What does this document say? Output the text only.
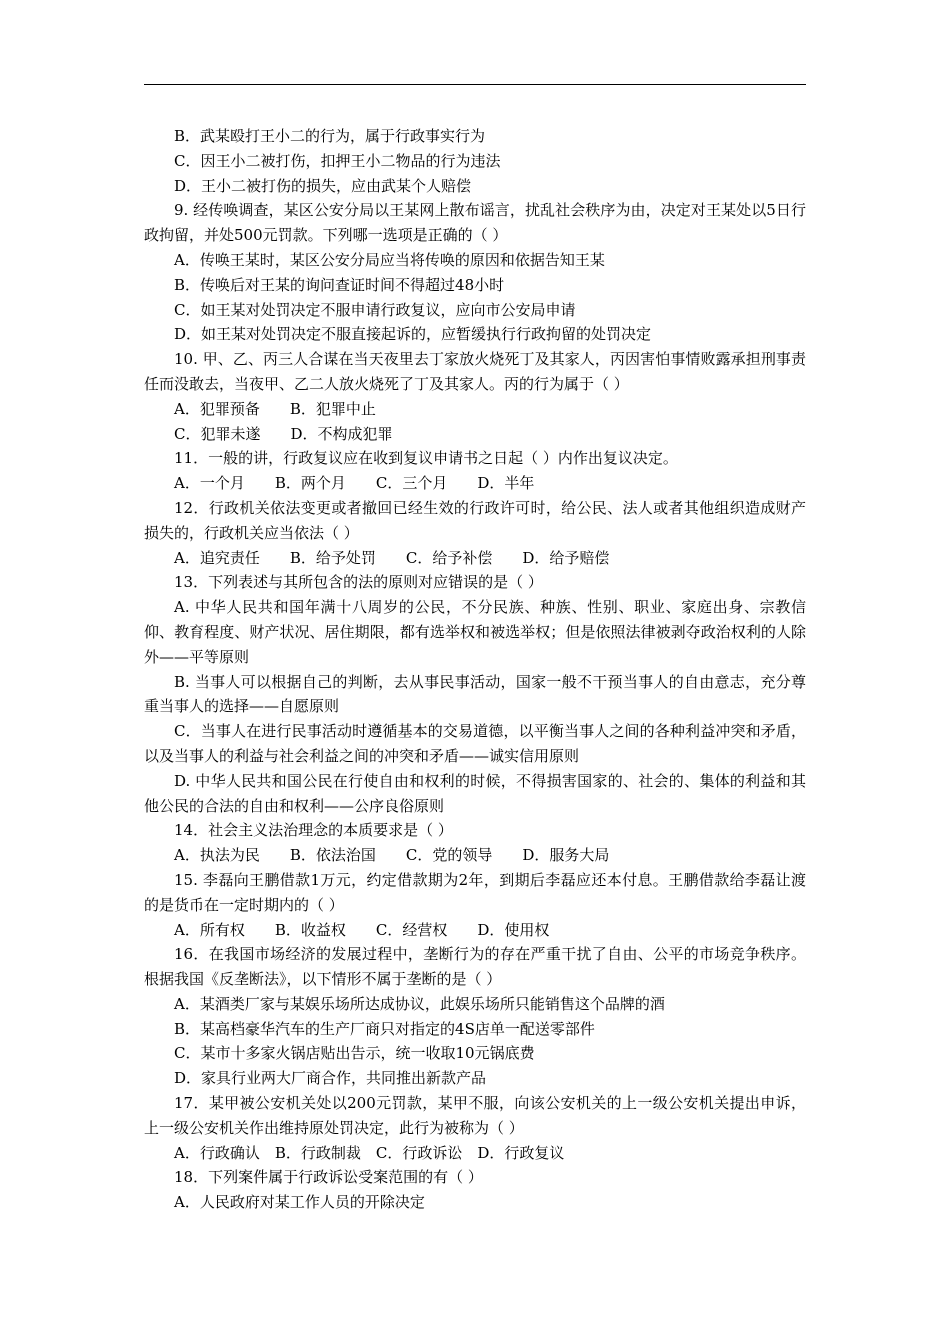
B．武某殴打王小二的行为，属于行政事实行为

C．因王小二被打伤，扣押王小二物品的行为违法

D．王小二被打伤的损失，应由武某个人赔偿

9. 经传唤调查，某区公安分局以王某网上散布谣言，扰乱社会秩序为由，决定对王某处以5日行政拘留，并处500元罚款。下列哪一选项是正确的（ ）

A．传唤王某时，某区公安分局应当将传唤的原因和依据告知王某

B．传唤后对王某的询问查证时间不得超过48小时

C．如王某对处罚决定不服申请行政复议，应向市公安局申请

D．如王某对处罚决定不服直接起诉的，应暂缓执行行政拘留的处罚决定

10. 甲、乙、丙三人合谋在当天夜里去丁家放火烧死丁及其家人，丙因害怕事情败露承担刑事责任而没敢去，当夜甲、乙二人放火烧死了丁及其家人。丙的行为属于（ ）

A．犯罪预备　　B．犯罪中止

C．犯罪未遂　　D．不构成犯罪

11．一般的讲，行政复议应在收到复议申请书之日起（ ）内作出复议决定。

A．一个月　　B．两个月　　C．三个月　　D．半年

12．行政机关依法变更或者撤回已经生效的行政许可时，给公民、法人或者其他组织造成财产损失的，行政机关应当依法（ ）

A．追究责任　　B．给予处罚　　C．给予补偿　　D．给予赔偿

13．下列表述与其所包含的法的原则对应错误的是（ ）

A. 中华人民共和国年满十八周岁的公民，不分民族、种族、性别、职业、家庭出身、宗教信仰、教育程度、财产状况、居住期限，都有选举权和被选举权；但是依照法律被剥夺政治权利的人除外——平等原则

B. 当事人可以根据自己的判断，去从事民事活动，国家一般不干预当事人的自由意志，充分尊重当事人的选择——自愿原则

C．当事人在进行民事活动时遵循基本的交易道德，以平衡当事人之间的各种利益冲突和矛盾，以及当事人的利益与社会利益之间的冲突和矛盾——诚实信用原则

D. 中华人民共和国公民在行使自由和权利的时候，不得损害国家的、社会的、集体的利益和其他公民的合法的自由和权利——公序良俗原则

14．社会主义法治理念的本质要求是（ ）

A．执法为民　　B．依法治国　　C．党的领导　　D．服务大局

15. 李磊向王鹏借款1万元，约定借款期为2年，到期后李磊应还本付息。王鹏借款给李磊让渡的是货币在一定时期内的（ ）

A．所有权　　B．收益权　　C．经营权　　D．使用权

16．在我国市场经济的发展过程中，垄断行为的存在严重干扰了自由、公平的市场竞争秩序。根据我国《反垄断法》，以下情形不属于垄断的是（ ）

A．某酒类厂家与某娱乐场所达成协议，此娱乐场所只能销售这个品牌的酒

B．某高档豪华汽车的生产厂商只对指定的4S店单一配送零部件

C．某市十多家火锅店贴出告示，统一收取10元锅底费

D．家具行业两大厂商合作，共同推出新款产品

17．某甲被公安机关处以200元罚款，某甲不服，向该公安机关的上一级公安机关提出申诉，上一级公安机关作出维持原处罚决定，此行为被称为（ ）

A．行政确认　B．行政制裁　C．行政诉讼　D．行政复议

18．下列案件属于行政诉讼受案范围的有（ ）

A．人民政府对某工作人员的开除决定
